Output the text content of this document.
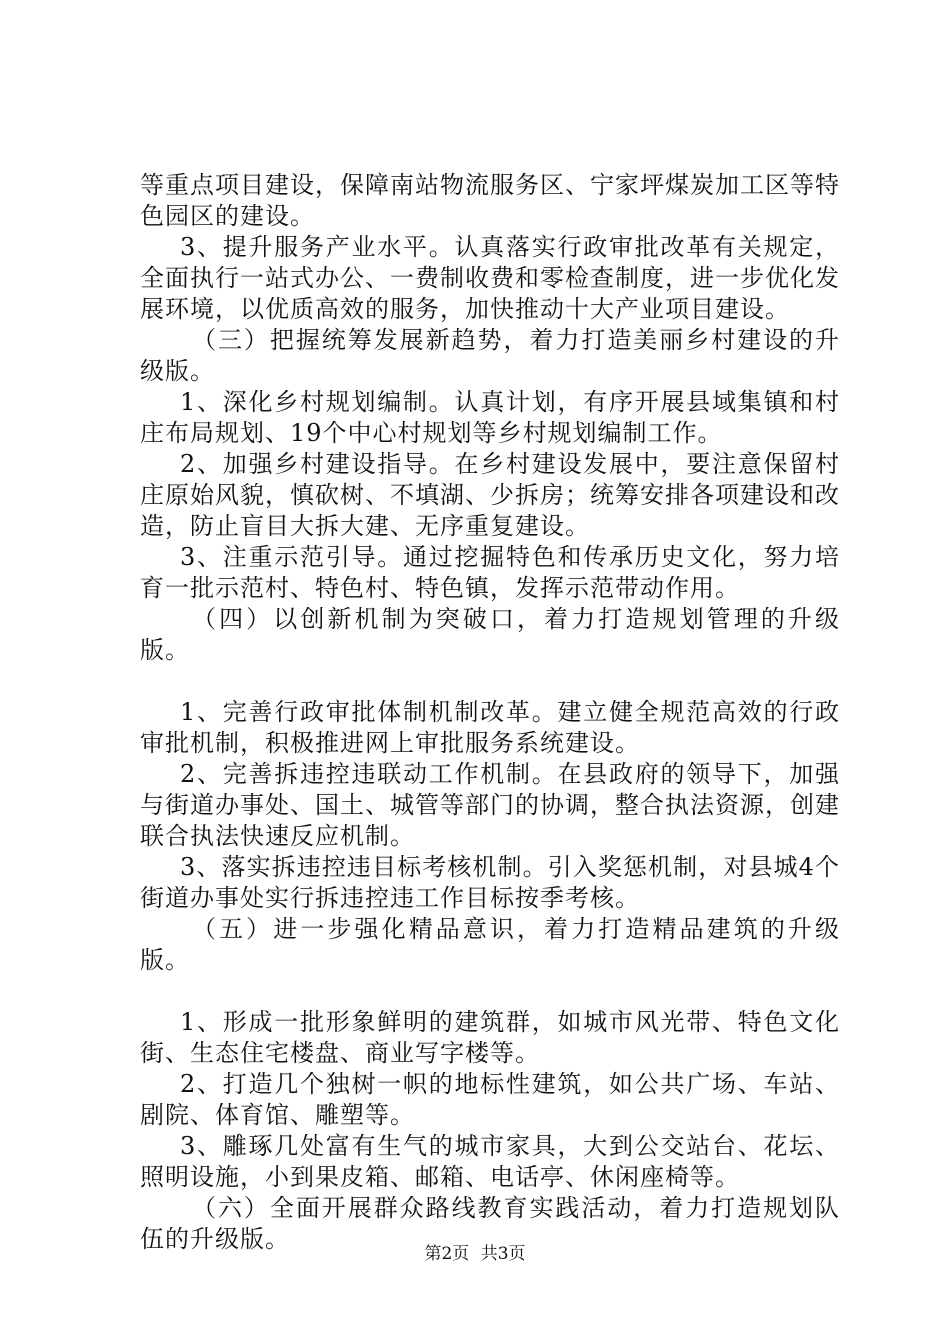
等重点项目建设，保障南站物流服务区、宁家坪煤炭加工区等特色园区的建设。

3、提升服务产业水平。认真落实行政审批改革有关规定，全面执行一站式办公、一费制收费和零检查制度，进一步优化发展环境，以优质高效的服务，加快推动十大产业项目建设。

（三）把握统筹发展新趋势，着力打造美丽乡村建设的升级版。

1、深化乡村规划编制。认真计划，有序开展县域集镇和村庄布局规划、19个中心村规划等乡村规划编制工作。

2、加强乡村建设指导。在乡村建设发展中，要注意保留村庄原始风貌，慎砍树、不填湖、少拆房；统筹安排各项建设和改造，防止盲目大拆大建、无序重复建设。

3、注重示范引导。通过挖掘特色和传承历史文化，努力培育一批示范村、特色村、特色镇，发挥示范带动作用。

（四）以创新机制为突破口，着力打造规划管理的升级版。

1、完善行政审批体制机制改革。建立健全规范高效的行政审批机制，积极推进网上审批服务系统建设。

2、完善拆违控违联动工作机制。在县政府的领导下，加强与街道办事处、国土、城管等部门的协调，整合执法资源，创建联合执法快速反应机制。

3、落实拆违控违目标考核机制。引入奖惩机制，对县城4个街道办事处实行拆违控违工作目标按季考核。

（五）进一步强化精品意识，着力打造精品建筑的升级版。

1、形成一批形象鲜明的建筑群，如城市风光带、特色文化街、生态住宅楼盘、商业写字楼等。

2、打造几个独树一帜的地标性建筑，如公共广场、车站、剧院、体育馆、雕塑等。

3、雕琢几处富有生气的城市家具，大到公交站台、花坛、照明设施，小到果皮箱、邮箱、电话亭、休闲座椅等。

（六）全面开展群众路线教育实践活动，着力打造规划队伍的升级版。

第2页 共3页
